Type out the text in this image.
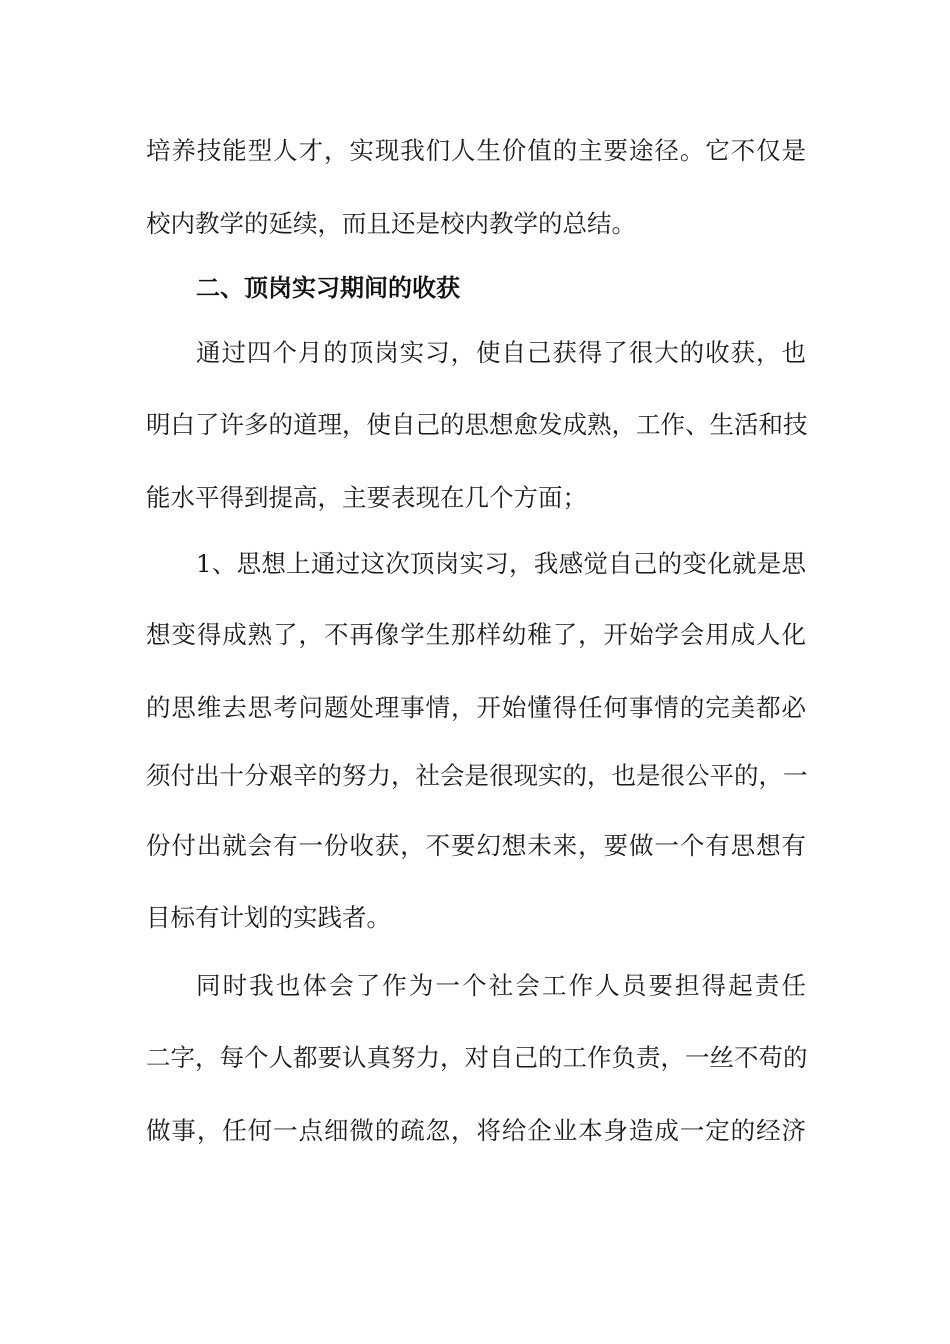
培养技能型人才，实现我们人生价值的主要途径。它不仅是
校内教学的延续，而且还是校内教学的总结。
二、顶岗实习期间的收获
通过四个月的顶岗实习，使自己获得了很大的收获，也
明白了许多的道理，使自己的思想愈发成熟，工作、生活和技
能水平得到提高，主要表现在几个方面；
1、思想上通过这次顶岗实习，我感觉自己的变化就是思
想变得成熟了，不再像学生那样幼稚了，开始学会用成人化
的思维去思考问题处理事情，开始懂得任何事情的完美都必
须付出十分艰辛的努力，社会是很现实的，也是很公平的，一
份付出就会有一份收获，不要幻想未来，要做一个有思想有
目标有计划的实践者。
同时我也体会了作为一个社会工作人员要担得起责任
二字，每个人都要认真努力，对自己的工作负责，一丝不苟的
做事，任何一点细微的疏忽，将给企业本身造成一定的经济
